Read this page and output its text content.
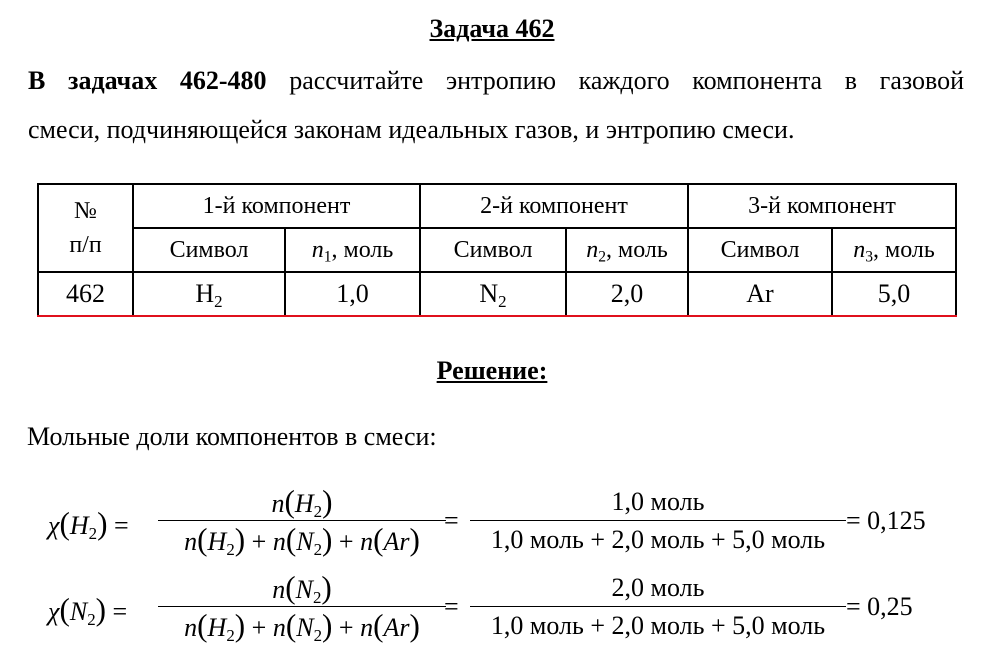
Задача 462
В задачах 462-480 рассчитайте энтропию каждого компонента в газовой
смеси, подчиняющейся законам идеальных газов, и энтропию смеси.
№
п/п	1-й компонент		2-й компонент		3-й компонент	
	Символ	$n_1$, моль	Символ	$n_2$, моль	Символ	$n_3$, моль
462	$H_2$	1,0	$N_2$	2,0	Ar	5,0
Решение:
Мольные доли компонентов в смеси:
$\chi(H_2)$ =
$n(H_2)$
$n(H_2) + n(N_2) + n(Ar)$
=
1,0 моль
1,0 моль + 2,0 моль + 5,0 моль
= 0,125
$\chi(N_2)$ =
$n(N_2)$
$n(H_2) + n(N_2) + n(Ar)$
=
2,0 моль
1,0 моль + 2,0 моль + 5,0 моль
= 0,25
